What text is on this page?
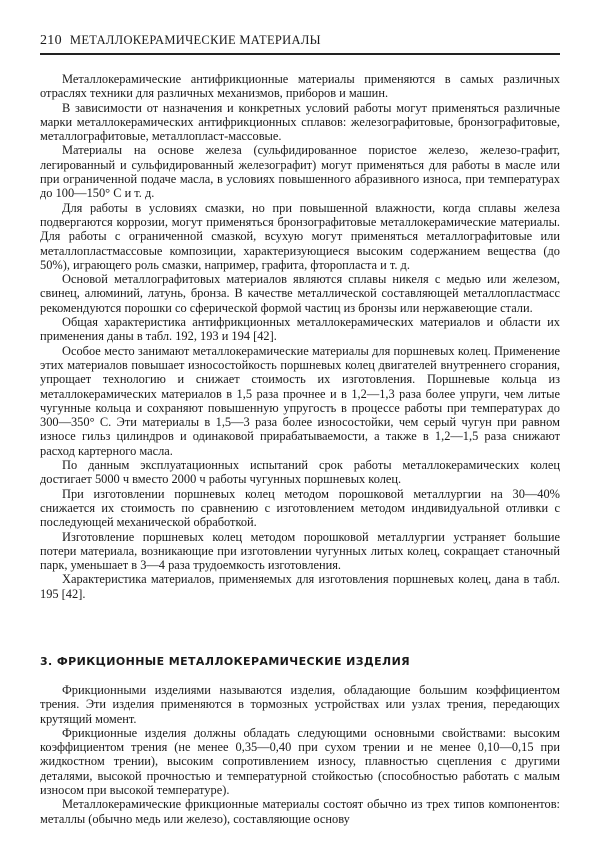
210 МЕТАЛЛОКЕРАМИЧЕСКИЕ МАТЕРИАЛЫ

Металлокерамические антифрикционные материалы применяются в самых различных отраслях техники для различных механизмов, приборов и машин.

В зависимости от назначения и конкретных условий работы могут применяться различные марки металлокерамических антифрикционных сплавов: железографитовые, бронзографитовые, металлографитовые, металлопласт-массовые.

Материалы на основе железа (сульфидированное пористое железо, железо-графит, легированный и сульфидированный железографит) могут применяться для работы в масле или при ограниченной подаче масла, в условиях повышенного абразивного износа, при температурах до 100—150° С и т. д.

Для работы в условиях смазки, но при повышенной влажности, когда сплавы железа подвергаются коррозии, могут применяться бронзографитовые металлокерамические материалы. Для работы с ограниченной смазкой, всухую могут применяться металлографитовые или металлопластмассовые композиции, характеризующиеся высоким содержанием вещества (до 50%), играющего роль смазки, например, графита, фторопласта и т. д.

Основой металлографитовых материалов являются сплавы никеля с медью или железом, свинец, алюминий, латунь, бронза. В качестве металлической составляющей металлопластмасс рекомендуются порошки со сферической формой частиц из бронзы или нержавеющие стали.

Общая характеристика антифрикционных металлокерамических материалов и области их применения даны в табл. 192, 193 и 194 [42].

Особое место занимают металлокерамические материалы для поршневых колец. Применение этих материалов повышает износостойкость поршневых колец двигателей внутреннего сгорания, упрощает технологию и снижает стоимость их изготовления. Поршневые кольца из металлокерамических материалов в 1,5 раза прочнее и в 1,2—1,3 раза более упруги, чем литые чугунные кольца и сохраняют повышенную упругость в процессе работы при температурах до 300—350° С. Эти материалы в 1,5—3 раза более износостойки, чем серый чугун при равном износе гильз цилиндров и одинаковой прирабатываемости, а также в 1,2—1,5 раза снижают расход картерного масла.

По данным эксплуатационных испытаний срок работы металлокерамических колец достигает 5000 ч вместо 2000 ч работы чугунных поршневых колец.

При изготовлении поршневых колец методом порошковой металлургии на 30—40% снижается их стоимость по сравнению с изготовлением методом индивидуальной отливки с последующей механической обработкой.

Изготовление поршневых колец методом порошковой металлургии устраняет большие потери материала, возникающие при изготовлении чугунных литых колец, сокращает станочный парк, уменьшает в 3—4 раза трудоемкость изготовления.

Характеристика материалов, применяемых для изготовления поршневых колец, дана в табл. 195 [42].

3. ФРИКЦИОННЫЕ МЕТАЛЛОКЕРАМИЧЕСКИЕ ИЗДЕЛИЯ

Фрикционными изделиями называются изделия, обладающие большим коэффициентом трения. Эти изделия применяются в тормозных устройствах или узлах трения, передающих крутящий момент.

Фрикционные изделия должны обладать следующими основными свойствами: высоким коэффициентом трения (не менее 0,35—0,40 при сухом трении и не менее 0,10—0,15 при жидкостном трении), высоким сопротивлением износу, плавностью сцепления с другими деталями, высокой прочностью и температурной стойкостью (способностью работать с малым износом при высокой температуре).

Металлокерамические фрикционные материалы состоят обычно из трех типов компонентов: металлы (обычно медь или железо), составляющие основу
